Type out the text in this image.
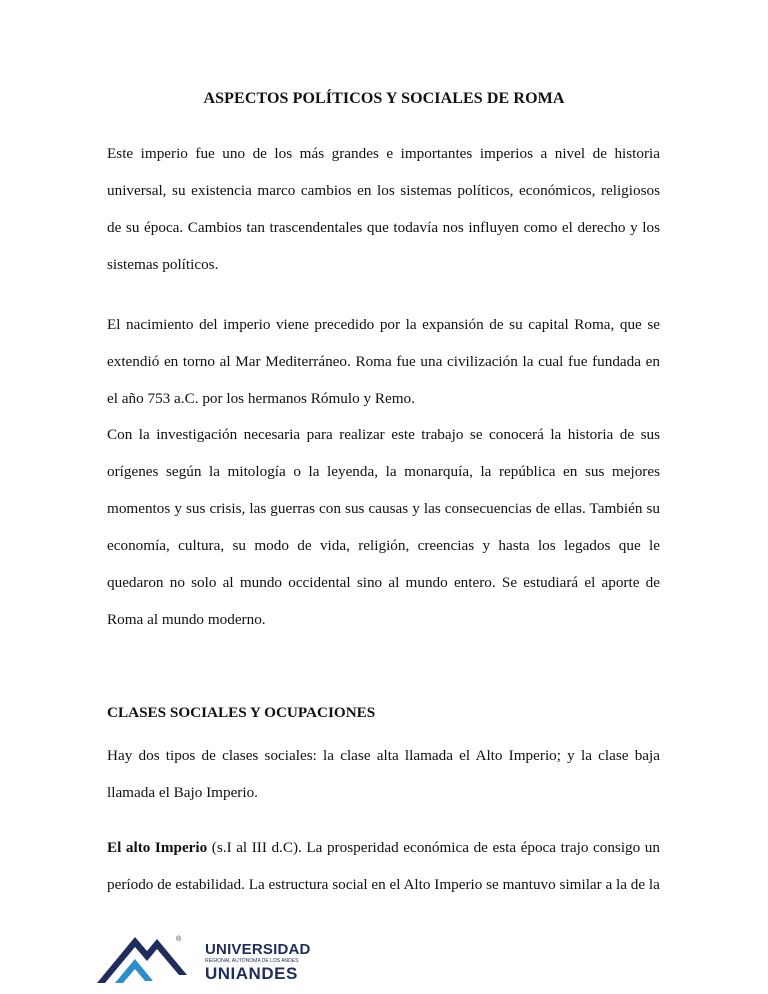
ASPECTOS POLÍTICOS Y SOCIALES DE ROMA
Este imperio fue uno de los más grandes e importantes imperios a nivel de historia universal, su existencia marco cambios en los sistemas políticos, económicos, religiosos de su época. Cambios tan trascendentales que todavía nos influyen como el derecho y los sistemas políticos.
El nacimiento del imperio viene precedido por la expansión de su capital Roma, que se extendió en torno al Mar Mediterráneo. Roma fue una civilización la cual fue fundada en el año 753 a.C. por los hermanos Rómulo y Remo.
Con la investigación necesaria para realizar este trabajo se conocerá la historia de sus orígenes según la mitología o la leyenda, la monarquía, la república en sus mejores momentos y sus crisis, las guerras con sus causas y las consecuencias de ellas. También su economía, cultura, su modo de vida, religión, creencias y hasta los legados que le quedaron no solo al mundo occidental sino al mundo entero. Se estudiará el aporte de Roma al mundo moderno.
CLASES SOCIALES Y OCUPACIONES
Hay dos tipos de clases sociales: la clase alta llamada el Alto Imperio; y la clase baja llamada el Bajo Imperio.
El alto Imperio (s.I al III d.C). La prosperidad económica de esta época trajo consigo un período de estabilidad. La estructura social en el Alto Imperio se mantuvo similar a la de la
UNIVERSIDAD
REGIONAL AUTÓNOMA DE LOS ANDES
UNIANDES
®
